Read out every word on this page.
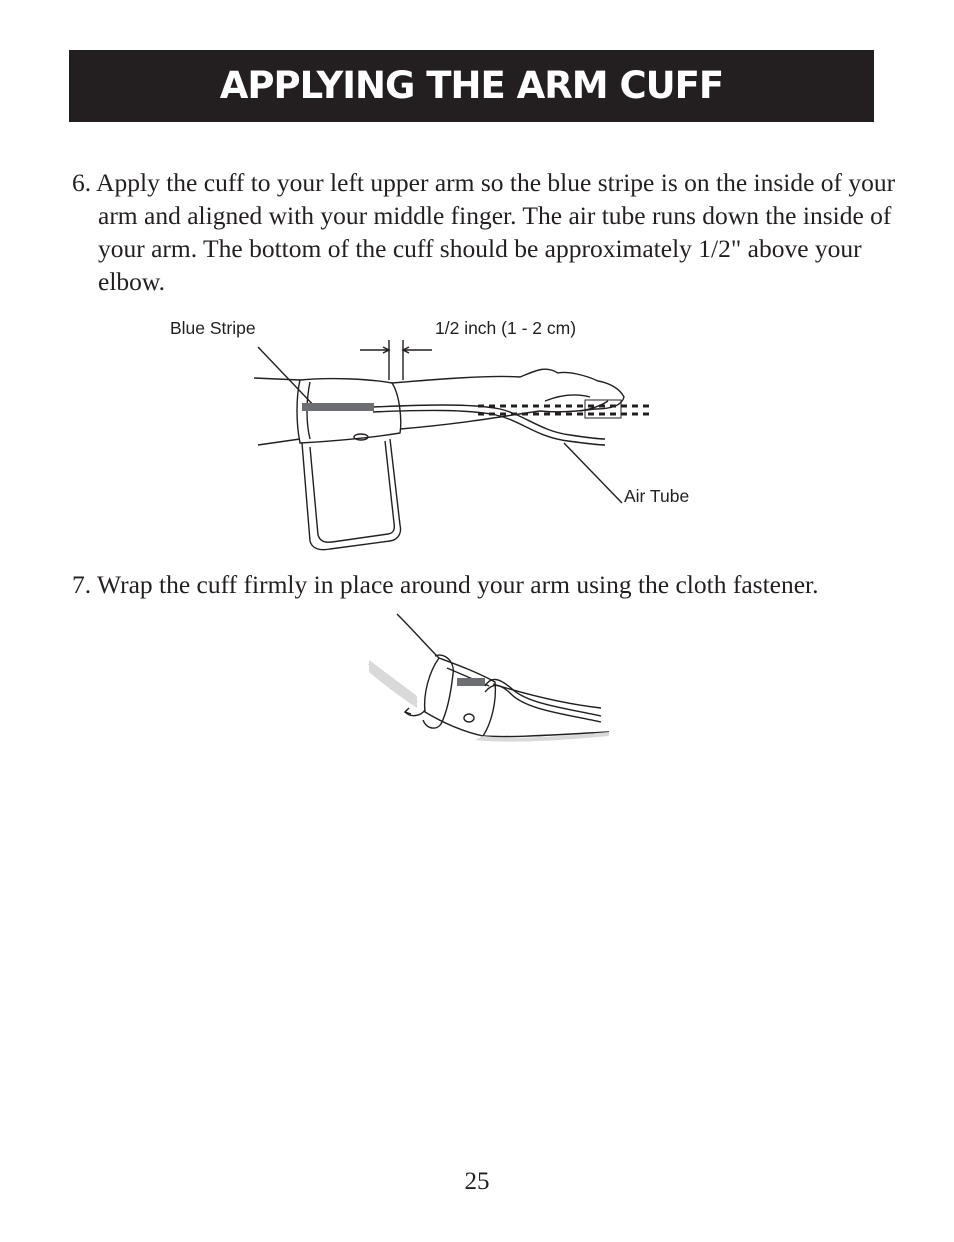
APPLYING THE ARM CUFF

6. Apply the cuff to your left upper arm so the blue stripe is on the inside of your arm and aligned with your middle finger. The air tube runs down the inside of your arm. The bottom of the cuff should be approximately 1/2" above your elbow.

Blue Stripe	1/2 inch (1 - 2 cm)
Air Tube

7. Wrap the cuff firmly in place around your arm using the cloth fastener.

25
